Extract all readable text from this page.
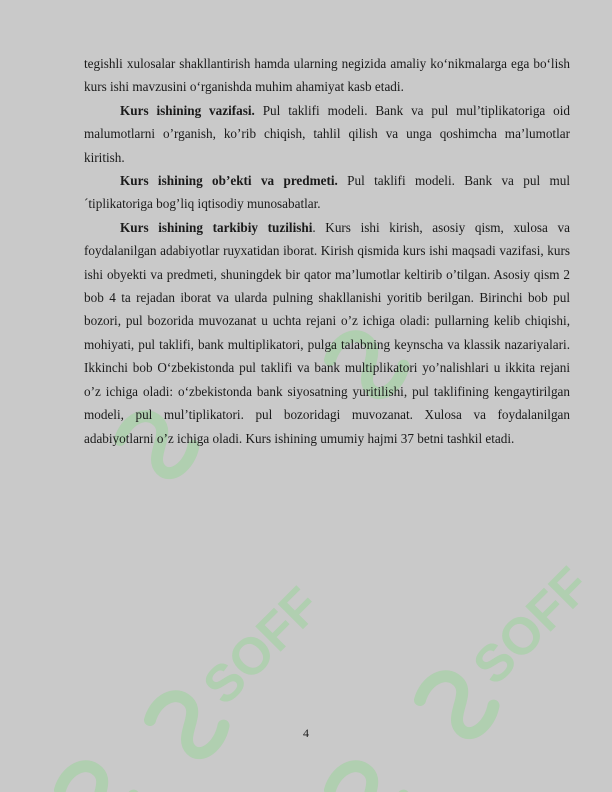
SOFF	SOFF

tegishli xulosalar shakllantirish hamda ularning negizida amaliy ko‘nikmalarga ega bo‘lish kurs ishi mavzusini o‘rganishda muhim ahamiyat kasb etadi.

Kurs ishining vazifasi. Pul taklifi modeli. Bank va pul mul’tiplikatoriga oid malumotlarni o’rganish, ko’rib chiqish, tahlil qilish va unga qoshimcha ma’lumotlar kiritish.

Kurs ishining ob’ekti va predmeti. Pul taklifi modeli. Bank va pul mul´tiplikatoriga bog’liq iqtisodiy munosabatlar.

Kurs ishining tarkibiy tuzilishi. Kurs ishi kirish, asosiy qism, xulosa va foydalanilgan adabiyotlar ruyxatidan iborat. Kirish qismida kurs ishi maqsadi vazifasi, kurs ishi obyekti va predmeti, shuningdek bir qator ma’lumotlar keltirib o’tilgan. Asosiy qism 2 bob 4 ta rejadan iborat va ularda pulning shakllanishi yoritib berilgan. Birinchi bob pul bozori, pul bozorida muvozanat u uchta rejani o’z ichiga oladi: pullarning kelib chiqishi, mohiyati, pul taklifi, bank multiplikatori, pulga talabning keynscha va klassik nazariyalari. Ikkinchi bob O‘zbekistonda pul taklifi va bank multiplikatori yo’nalishlari u ikkita rejani o’z ichiga oladi: o‘zbekistonda bank siyosatning yuritilishi, pul taklifining kengaytirilgan modeli, pul mul’tiplikatori. pul bozoridagi muvozanat. Xulosa va foydalanilgan adabiyotlarni o’z ichiga oladi. Kurs ishining umumiy hajmi 37 betni tashkil etadi.

4
